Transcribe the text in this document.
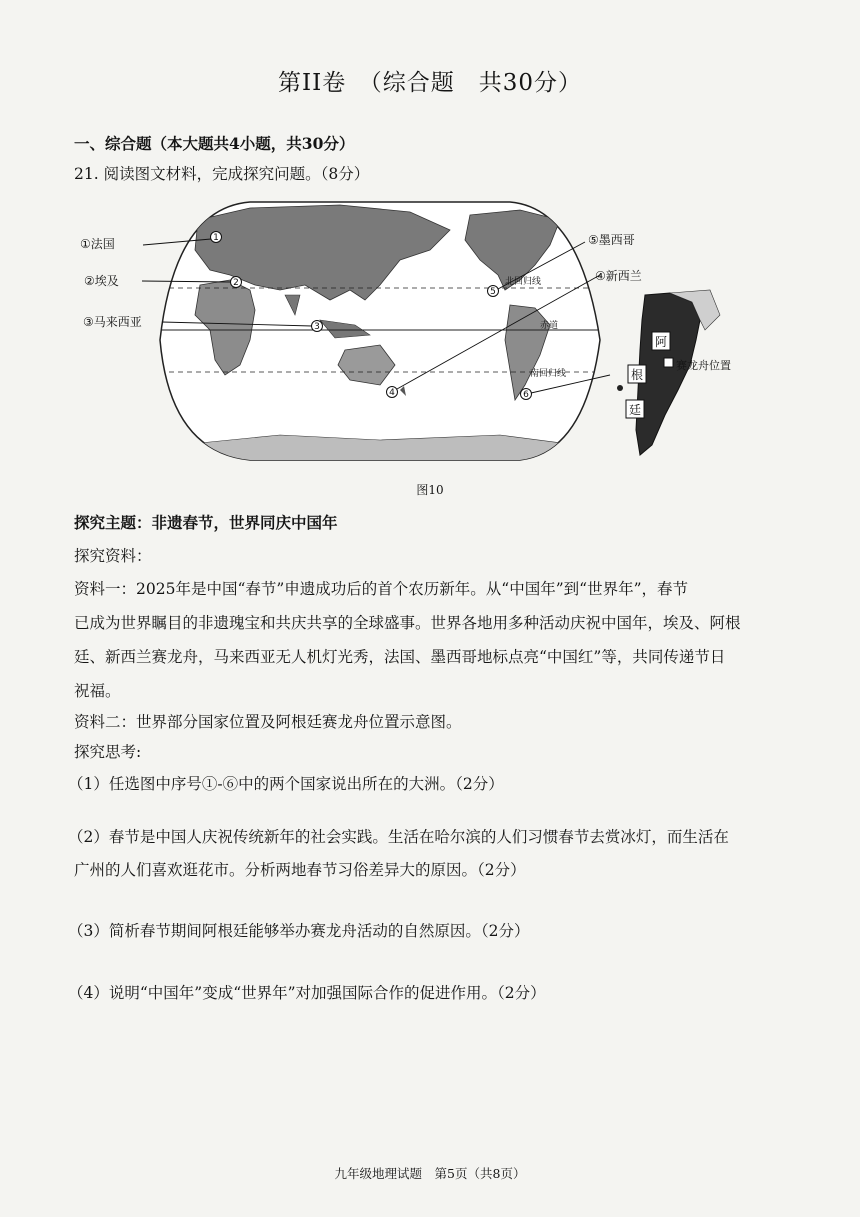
第II卷　（综合题　共30分）
一、综合题（本大题共4小题，共30分）
21. 阅读图文材料，完成探究问题。（8分）
1
2
3
4
5
6
①法国
②埃及
③马来西亚
⑤墨西哥
④新西兰
北回归线
赤道
南回归线
阿
根
廷
赛龙舟位置
图10
探究主题：非遗春节，世界同庆中国年
探究资料：
资料一：2025年是中国“春节”申遗成功后的首个农历新年。从“中国年”到“世界年”，春节
已成为世界瞩目的非遗瑰宝和共庆共享的全球盛事。世界各地用多种活动庆祝中国年，埃及、阿根
廷、新西兰赛龙舟，马来西亚无人机灯光秀，法国、墨西哥地标点亮“中国红”等，共同传递节日
祝福。
资料二：世界部分国家位置及阿根廷赛龙舟位置示意图。
探究思考:
（1）任选图中序号①-⑥中的两个国家说出所在的大洲。（2分）
（2）春节是中国人庆祝传统新年的社会实践。生活在哈尔滨的人们习惯春节去赏冰灯，而生活在
广州的人们喜欢逛花市。分析两地春节习俗差异大的原因。（2分）
（3）简析春节期间阿根廷能够举办赛龙舟活动的自然原因。（2分）
（4）说明“中国年”变成“世界年”对加强国际合作的促进作用。（2分）
九年级地理试题　第5页（共8页）
